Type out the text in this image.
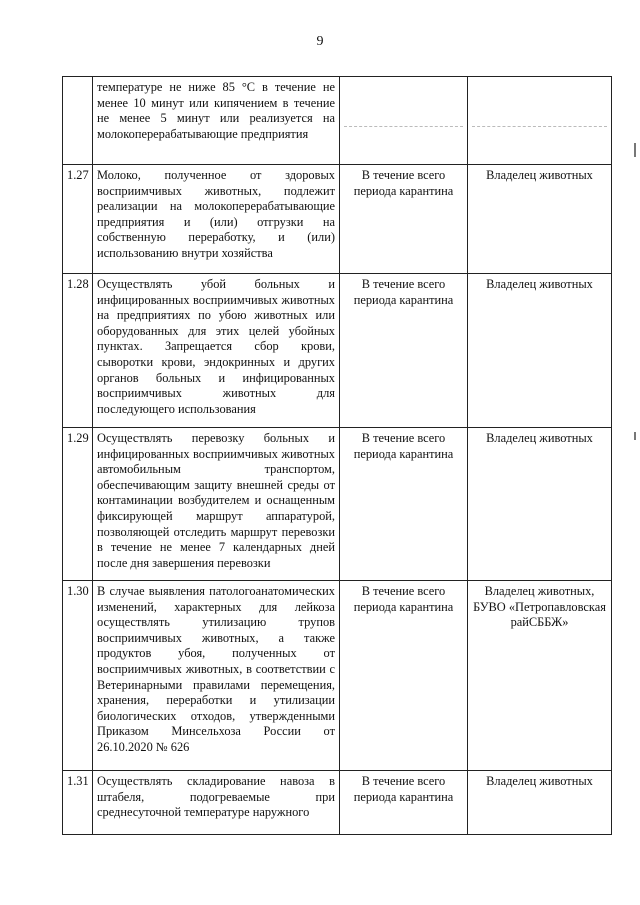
9

	температуре не ниже 85 °С в течение не менее 10 минут или кипячением в течение не менее 5 минут или реализуется на молокоперерабатывающие предприятия		

1.27	Молоко, полученное от здоровых восприимчивых животных, подлежит реализации на молокоперерабатывающие предприятия и (или) отгрузки на собственную переработку, и (или) использованию внутри хозяйства	В течение всего периода карантина	Владелец животных
1.28	Осуществлять убой больных и инфицированных восприимчивых животных на предприятиях по убою животных или оборудованных для этих целей убойных пунктах. Запрещается сбор крови, сыворотки крови, эндокринных и других органов больных и инфицированных восприимчивых животных для последующего использования	В течение всего периода карантина	Владелец животных
1.29	Осуществлять перевозку больных и инфицированных восприимчивых животных автомобильным транспортом, обеспечивающим защиту внешней среды от контаминации возбудителем и оснащенным фиксирующей маршрут аппаратурой, позволяющей отследить маршрут перевозки в течение не менее 7 календарных дней после дня завершения перевозки	В течение всего периода карантина	Владелец животных
1.30	В случае выявления патологоанатомических изменений, характерных для лейкоза осуществлять утилизацию трупов восприимчивых животных, а также продуктов убоя, полученных от восприимчивых животных, в соответствии с Ветеринарными правилами перемещения, хранения, переработки и утилизации биологических отходов, утвержденными Приказом Минсельхоза России от 26.10.2020 № 626	В течение всего периода карантина	Владелец животных, БУВО «Петропавловская райСББЖ»
1.31	Осуществлять складирование навоза в штабеля, подогреваемые при среднесуточной температуре наружного	В течение всего периода карантина	Владелец животных
